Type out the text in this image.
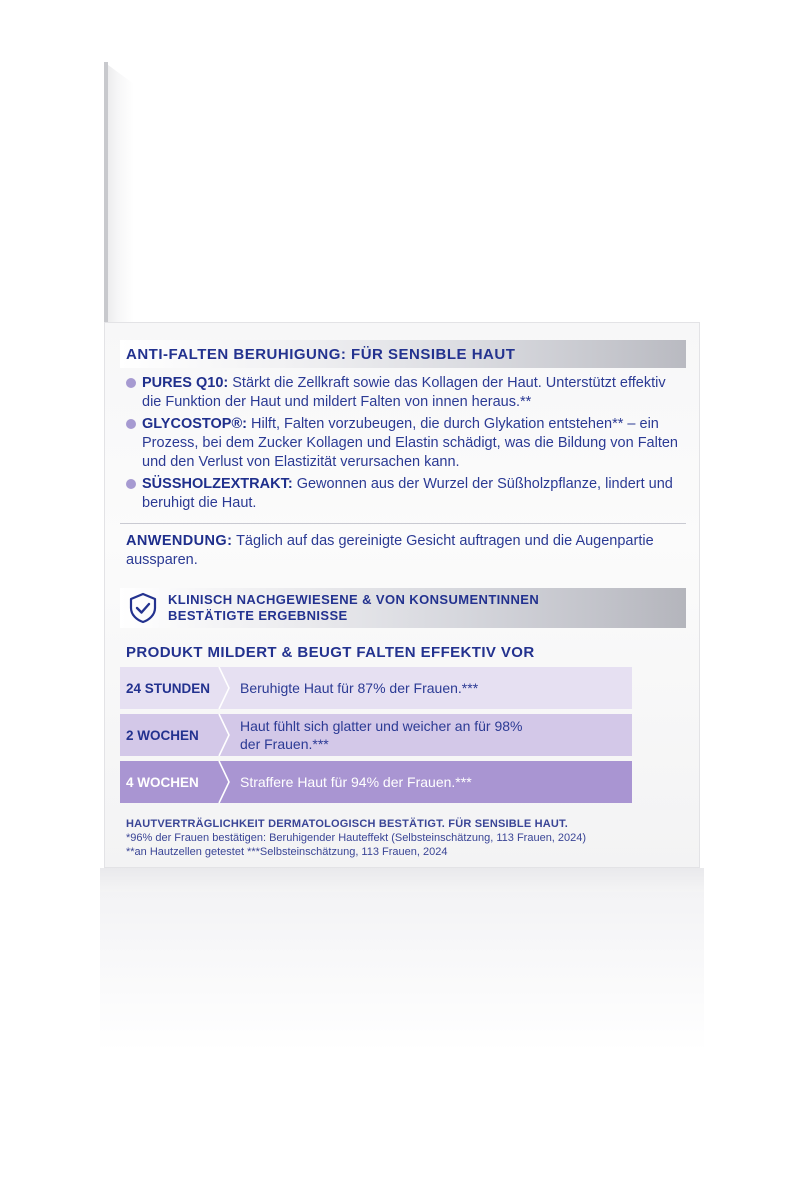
ANTI-FALTEN BERUHIGUNG: FÜR SENSIBLE HAUT
PURES Q10: Stärkt die Zellkraft sowie das Kollagen der Haut. Unterstützt effektiv die Funktion der Haut und mildert Falten von innen heraus.**
GLYCOSTOP®: Hilft, Falten vorzubeugen, die durch Glykation entstehen** – ein Prozess, bei dem Zucker Kollagen und Elastin schädigt, was die Bildung von Falten und den Verlust von Elastizität verursachen kann.
SÜSSHOLZEXTRAKT: Gewonnen aus der Wurzel der Süßholzpflanze, lindert und beruhigt die Haut.
ANWENDUNG: Täglich auf das gereinigte Gesicht auftragen und die Augenpartie aussparen.
KLINISCH NACHGEWIESENE & VON KONSUMENTINNEN
BESTÄTIGTE ERGEBNISSE
PRODUKT MILDERT & BEUGT FALTEN EFFEKTIV VOR
24 STUNDEN	Beruhigte Haut für 87% der Frauen.***
2 WOCHEN
Haut fühlt sich glatter und weicher an für 98% der Frauen.***
4 WOCHEN	Straffere Haut für 94% der Frauen.***
HAUTVERTRÄGLICHKEIT DERMATOLOGISCH BESTÄTIGT. FÜR SENSIBLE HAUT.
*96% der Frauen bestätigen: Beruhigender Hauteffekt (Selbsteinschätzung, 113 Frauen, 2024)
**an Hautzellen getestet ***Selbsteinschätzung, 113 Frauen, 2024
